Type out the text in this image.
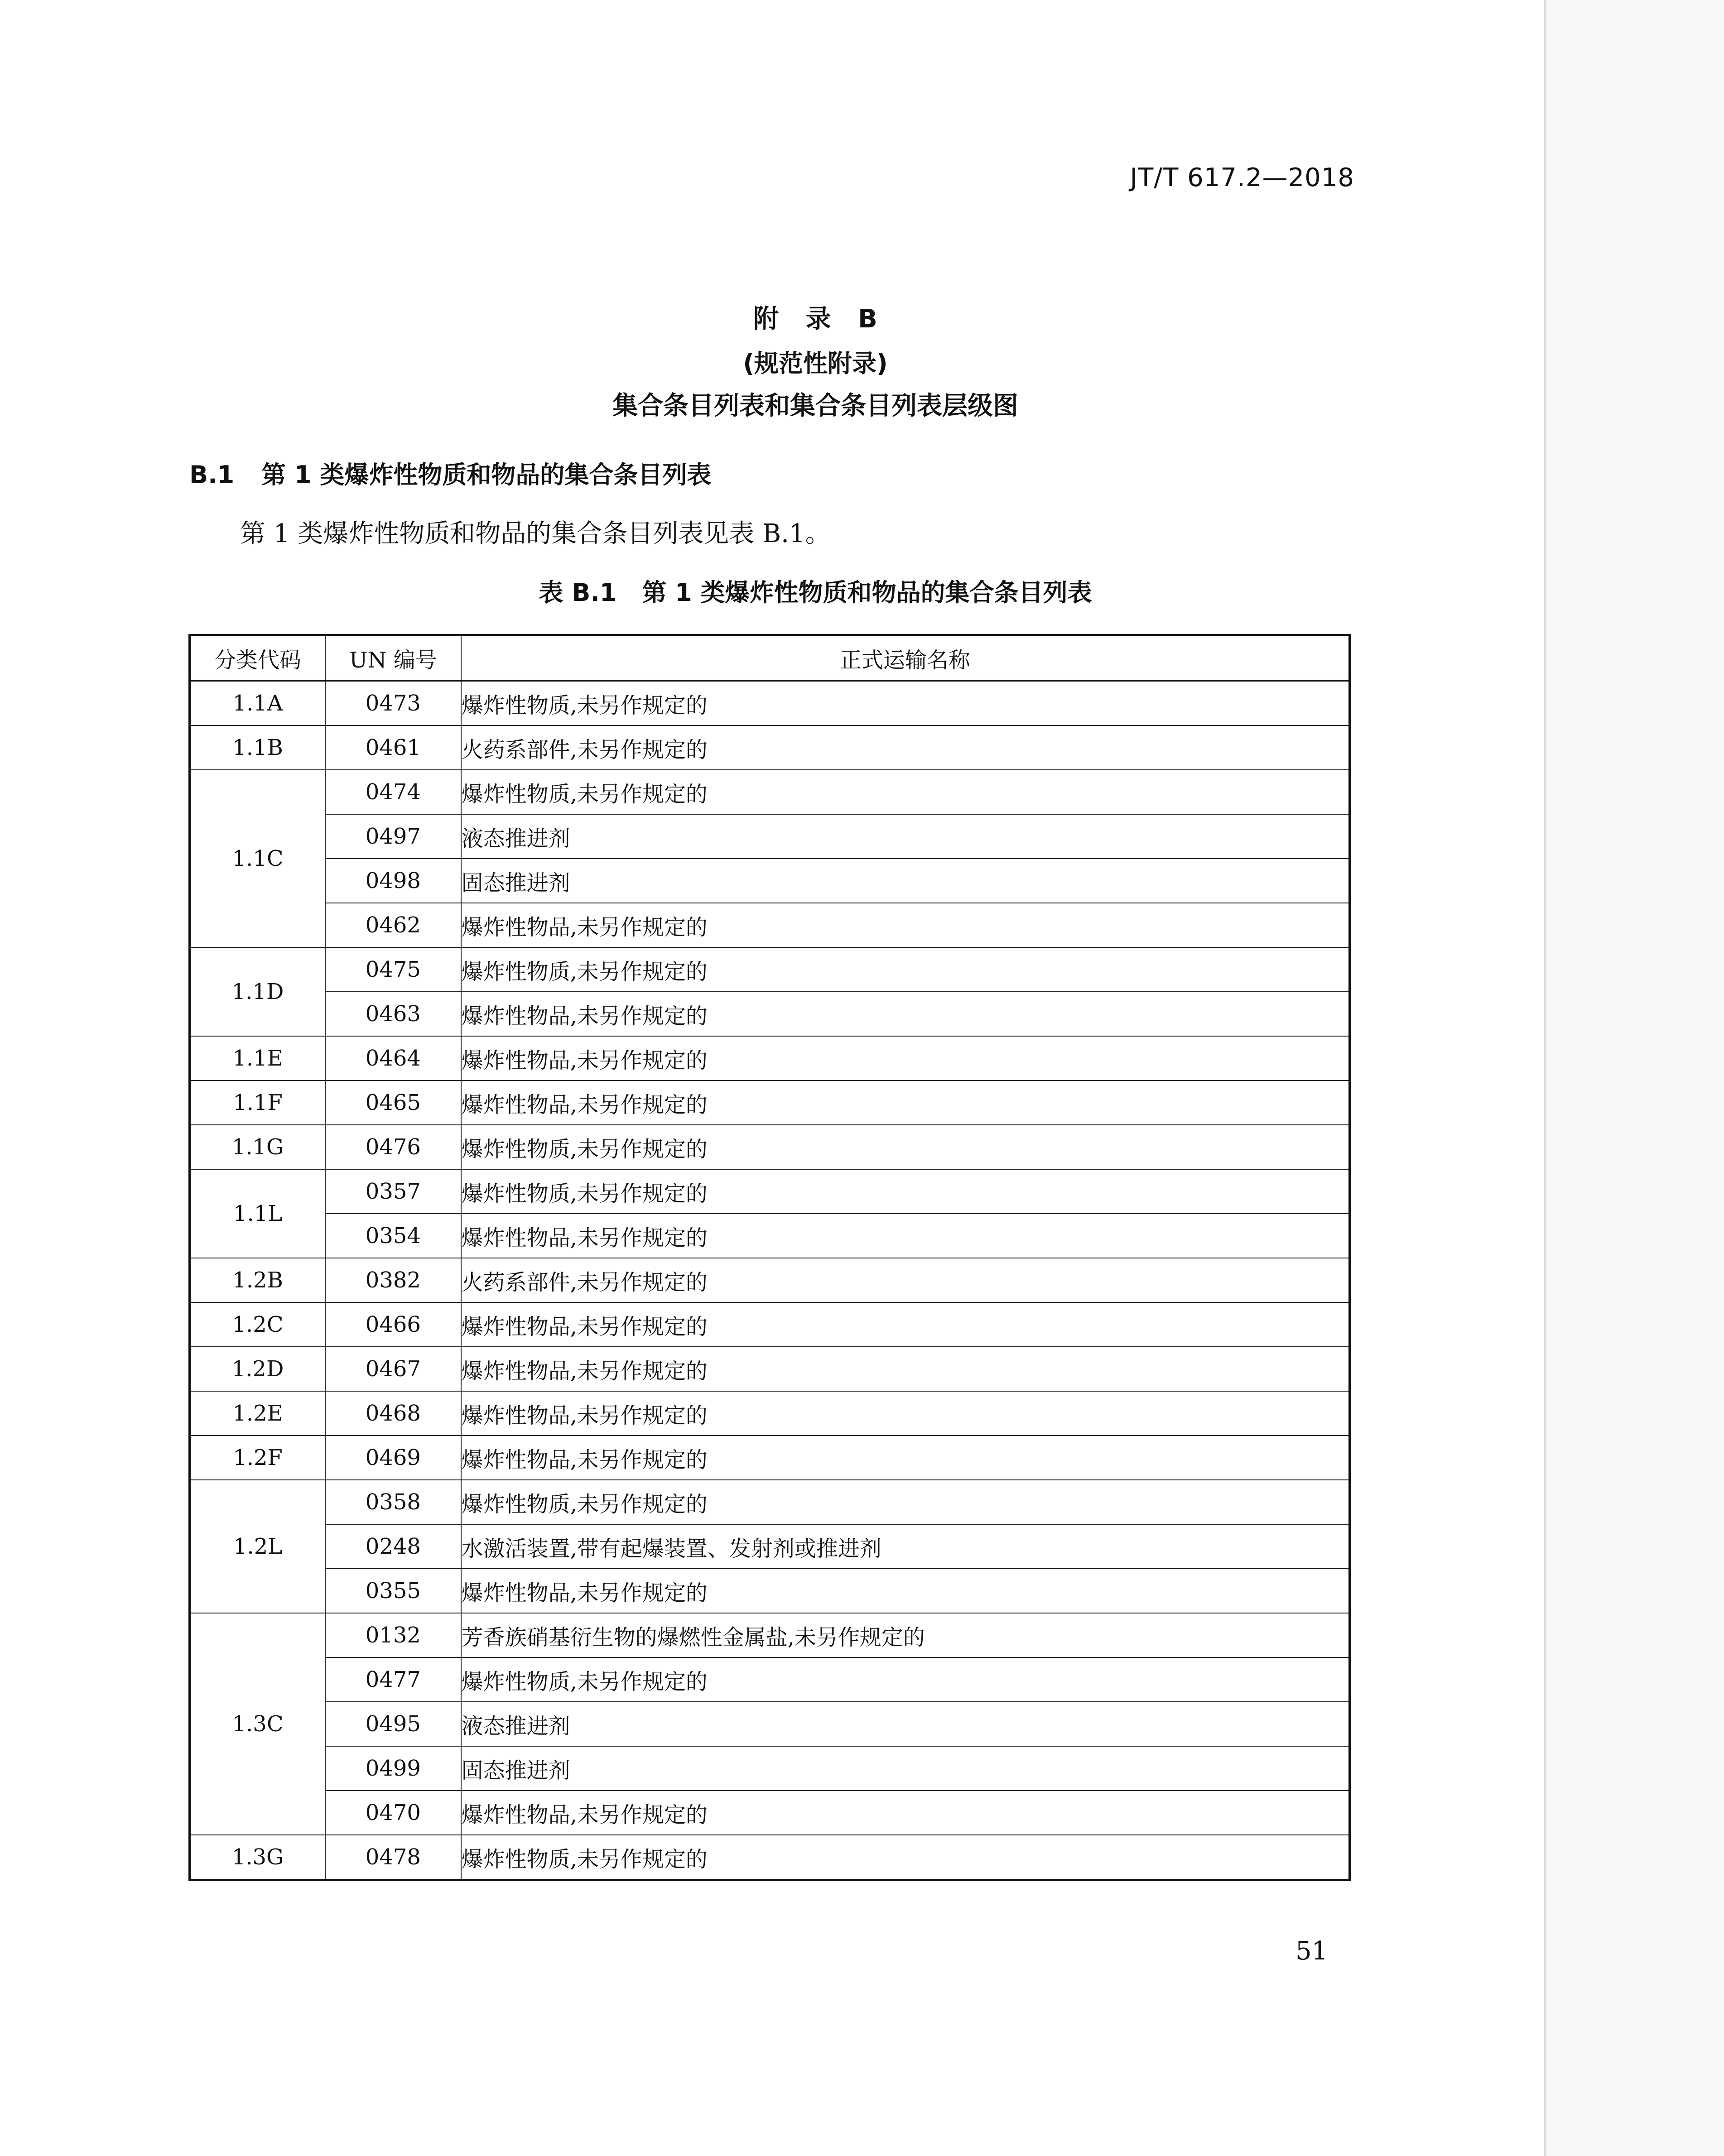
JT/T 617.2—2018
附 录 B
(规范性附录)
集合条目列表和集合条目列表层级图
B.1 第 1 类爆炸性物质和物品的集合条目列表
第 1 类爆炸性物质和物品的集合条目列表见表 B.1。
表 B.1 第 1 类爆炸性物质和物品的集合条目列表
分类代码	UN 编号	正式运输名称
1.1A	0473	爆炸性物质,未另作规定的
1.1B	0461	火药系部件,未另作规定的
1.1C	0474	爆炸性物质,未另作规定的
	0497	液态推进剂
	0498	固态推进剂
	0462	爆炸性物品,未另作规定的
1.1D	0475	爆炸性物质,未另作规定的
	0463	爆炸性物品,未另作规定的
1.1E	0464	爆炸性物品,未另作规定的
1.1F	0465	爆炸性物品,未另作规定的
1.1G	0476	爆炸性物质,未另作规定的
1.1L	0357	爆炸性物质,未另作规定的
	0354	爆炸性物品,未另作规定的
1.2B	0382	火药系部件,未另作规定的
1.2C	0466	爆炸性物品,未另作规定的
1.2D	0467	爆炸性物品,未另作规定的
1.2E	0468	爆炸性物品,未另作规定的
1.2F	0469	爆炸性物品,未另作规定的
1.2L	0358	爆炸性物质,未另作规定的
	0248	水激活装置,带有起爆装置、发射剂或推进剂
	0355	爆炸性物品,未另作规定的
1.3C	0132	芳香族硝基衍生物的爆燃性金属盐,未另作规定的
	0477	爆炸性物质,未另作规定的
	0495	液态推进剂
	0499	固态推进剂
	0470	爆炸性物品,未另作规定的
1.3G	0478	爆炸性物质,未另作规定的
51
